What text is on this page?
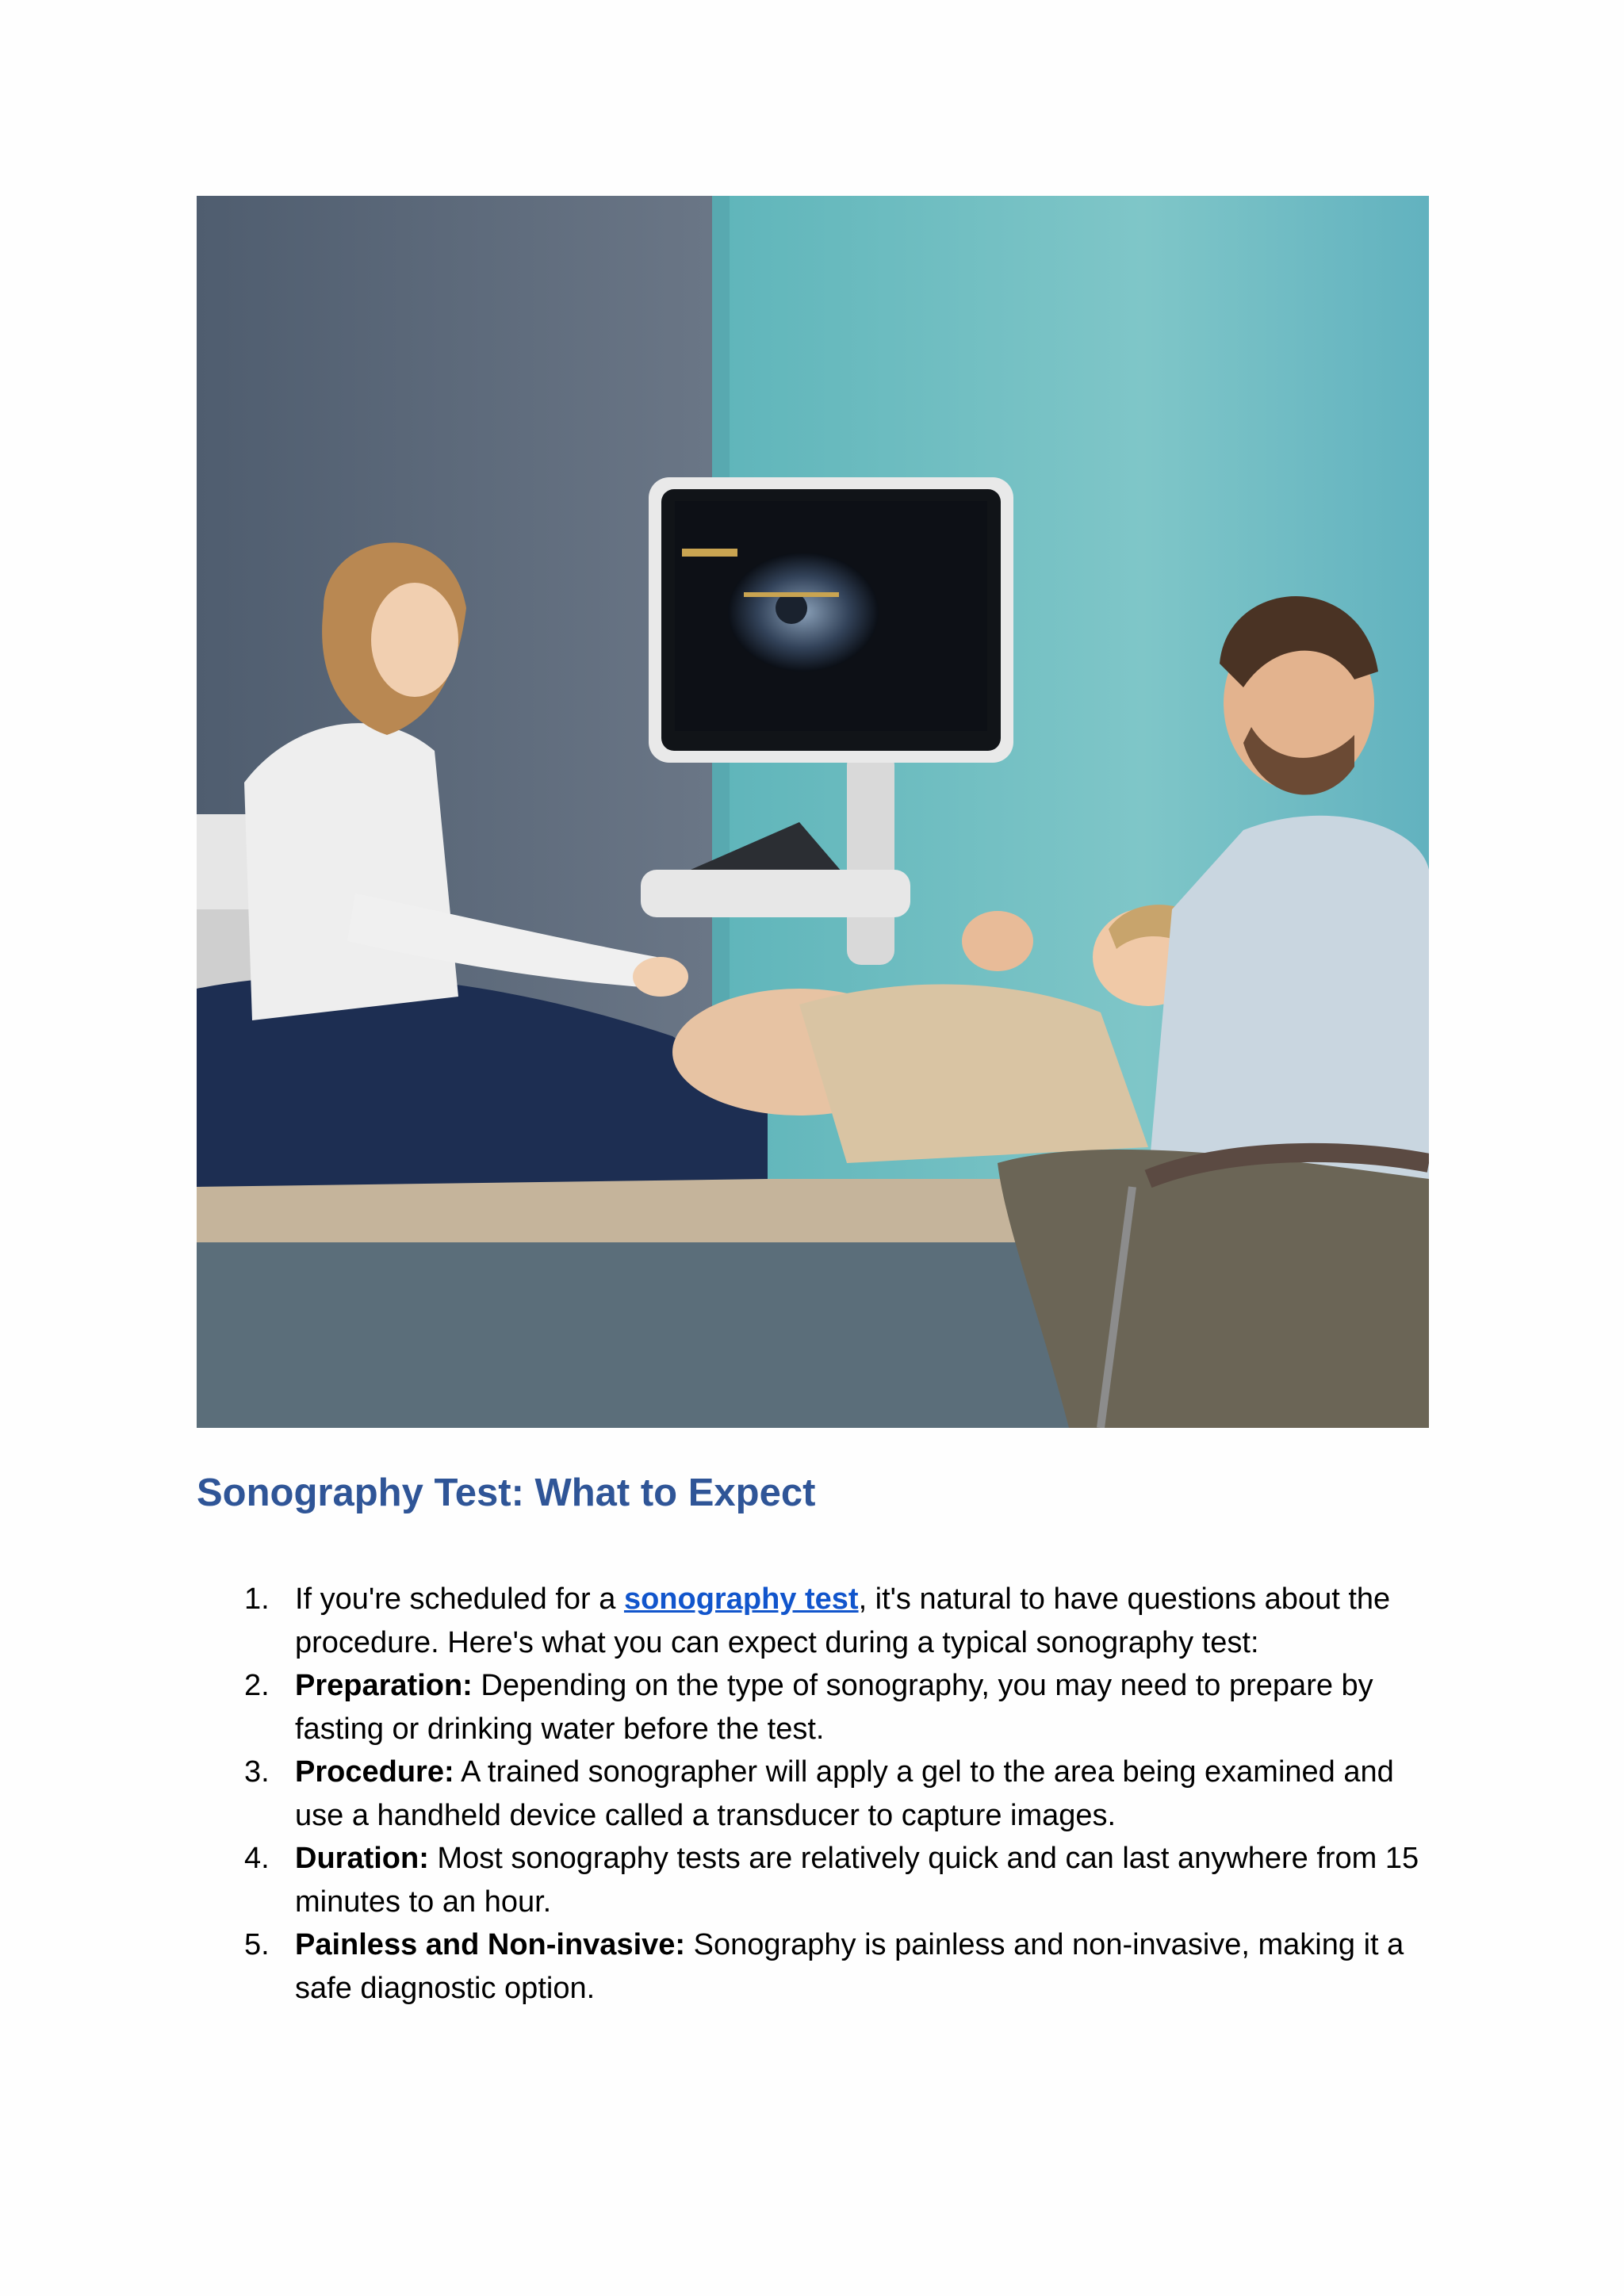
Sonography Test: What to Expect
1. If you're scheduled for a sonography test, it's natural to have questions about the procedure. Here's what you can expect during a typical sonography test:
2. Preparation: Depending on the type of sonography, you may need to prepare by fasting or drinking water before the test.
3. Procedure: A trained sonographer will apply a gel to the area being examined and use a handheld device called a transducer to capture images.
4. Duration: Most sonography tests are relatively quick and can last anywhere from 15 minutes to an hour.
5. Painless and Non-invasive: Sonography is painless and non-invasive, making it a safe diagnostic option.
